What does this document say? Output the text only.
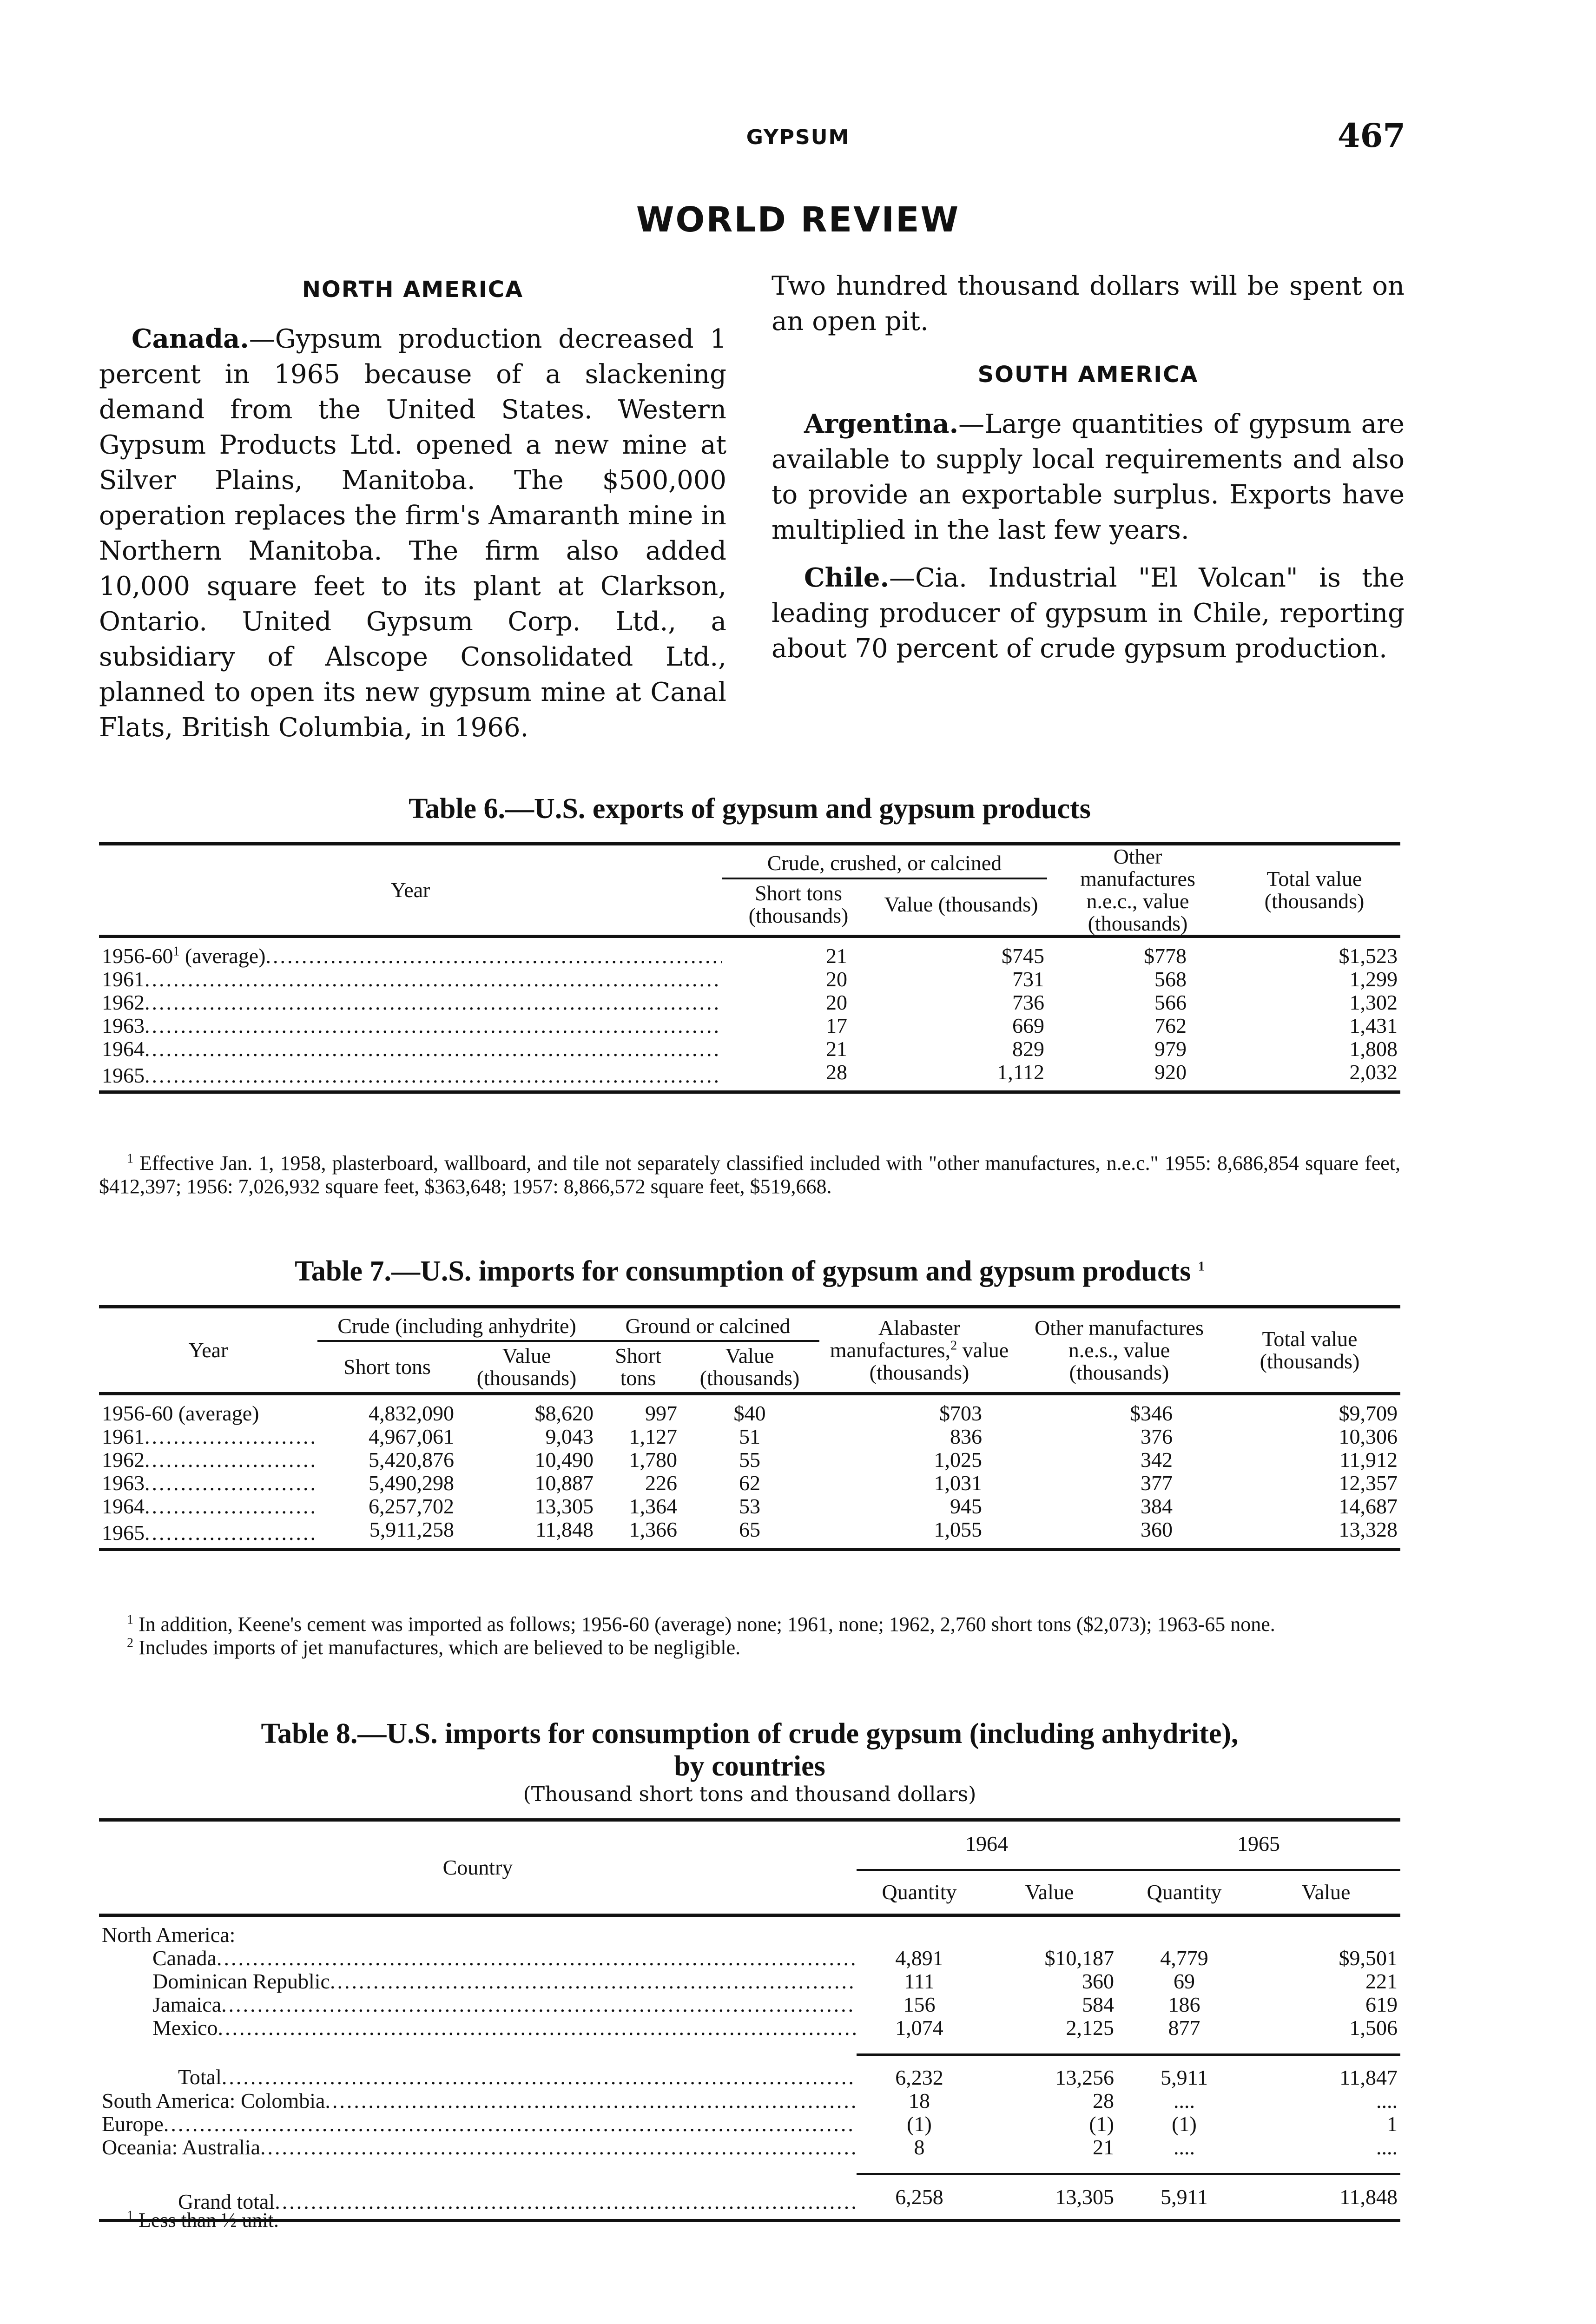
GYPSUM	467
WORLD REVIEW
NORTH AMERICA

Canada.—Gypsum production decreased 1 percent in 1965 because of a slackening demand from the United States. Western Gypsum Products Ltd. opened a new mine at Silver Plains, Manitoba. The $500,000 operation replaces the firm's Amaranth mine in Northern Manitoba. The firm also added 10,000 square feet to its plant at Clarkson, Ontario. United Gypsum Corp. Ltd., a subsidiary of Alscope Consolidated Ltd., planned to open its new gypsum mine at Canal Flats, British Columbia, in 1966.

Two hundred thousand dollars will be spent on an open pit.

SOUTH AMERICA

Argentina.—Large quantities of gypsum are available to supply local requirements and also to provide an exportable surplus. Exports have multiplied in the last few years.

Chile.—Cia. Industrial "El Volcan" is the leading producer of gypsum in Chile, reporting about 70 percent of crude gypsum production.

Table 6.—U.S. exports of gypsum and gypsum products
Year	Crude, crushed, or calcined		Other manufactures n.e.c., value (thousands)	Total value (thousands)
	Short tons (thousands)	Value (thousands)		
$1956-60^1$ (average) .....	21	$745	$778	$1,523
1961 .....	20	731	568	1,299
1962 .....	20	736	566	1,302
1963 .....	17	669	762	1,431
1964 .....	21	829	979	1,808
1965 .....	28	1,112	920	2,032
$^1$ Effective Jan. 1, 1958, plasterboard, wallboard, and tile not separately classified included with "other manufactures, n.e.c." 1955: 8,686,854 square feet, $412,397; 1956: 7,026,932 square feet, $363,648; 1957: 8,866,572 square feet, $519,668.
Table 7.—U.S. imports for consumption of gypsum and gypsum products $^1$
Year	Crude (including anhydrite)		Ground or calcined		Alabaster manufactures,$^2$ value (thousands)	Other manufactures n.e.s., value (thousands)	Total value (thousands)
	Short tons	Value (thousands)	Short tons	Value (thousands)			
1956-60 (average)	4,832,090	$8,620	997	$40	$703	$346	$9,709
1961 .....	4,967,061	9,043	1,127	51	836	376	10,306
1962 .....	5,420,876	10,490	1,780	55	1,025	342	11,912
1963 .....	5,490,298	10,887	226	62	1,031	377	12,357
1964 .....	6,257,702	13,305	1,364	53	945	384	14,687
1965 .....	5,911,258	11,848	1,366	65	1,055	360	13,328
$^1$ In addition, Keene's cement was imported as follows; 1956-60 (average) none; 1961, none; 1962, 2,760 short tons ($2,073); 1963-65 none.
$^2$ Includes imports of jet manufactures, which are believed to be negligible.
Table 8.—U.S. imports for consumption of crude gypsum (including anhydrite),
by countries
(Thousand short tons and thousand dollars)
Country	1964		1965	
	Quantity	Value	Quantity	Value
North America:				
Canada .....	4,891	$10,187	4,779	$9,501
Dominican Republic .....	111	360	69	221
Jamaica .....	156	584	186	619
Mexico .....	1,074	2,125	877	1,506

Total .....	6,232	13,256	5,911	11,847
South America: Colombia .....	18	28	....	....
Europe .....	(1)	(1)	(1)	1
Oceania: Australia .....	8	21	....	....

Grand total .....	6,258	13,305	5,911	11,848
$^1$ Less than ½ unit.
